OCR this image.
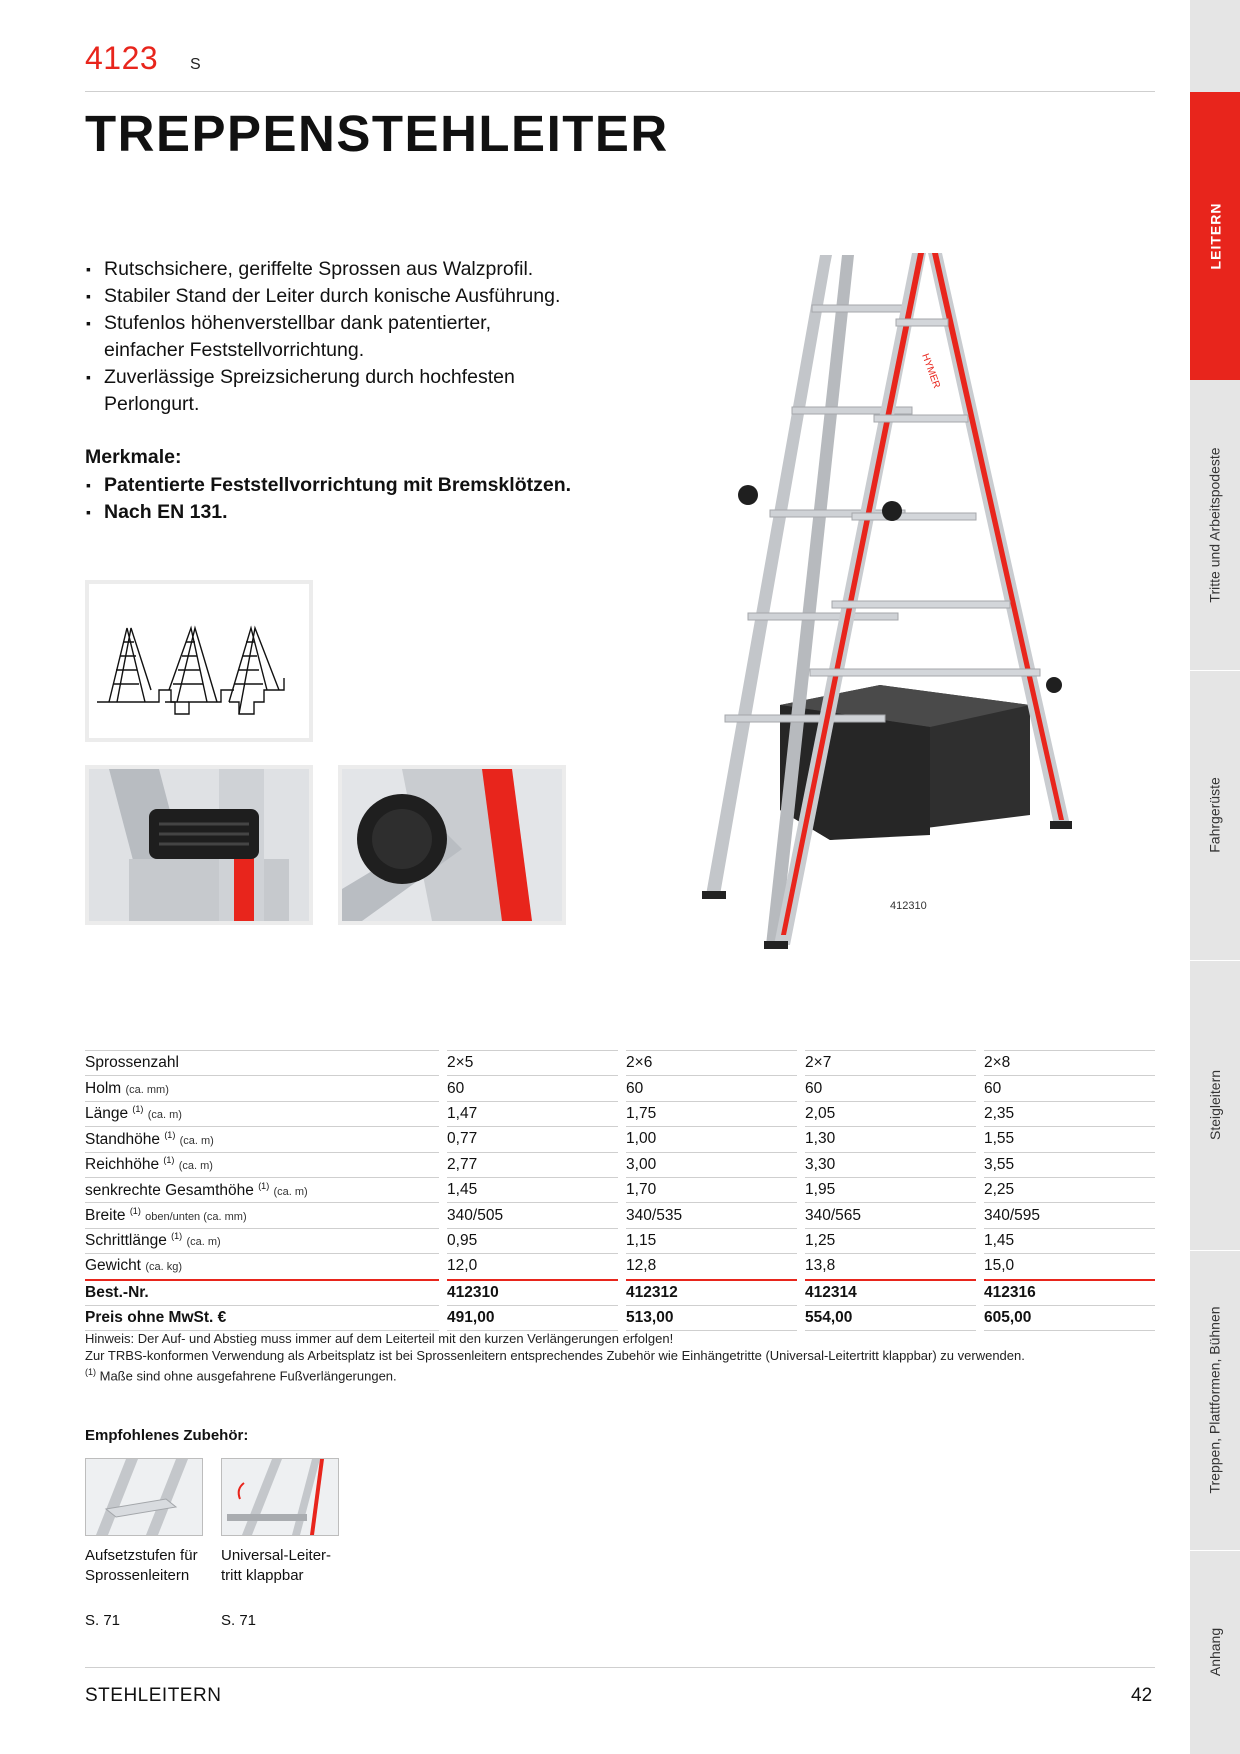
4123 S
TREPPENSTEHLEITER
▪ Rutschsichere, geriffelte Sprossen aus Walzprofil.
▪ Stabiler Stand der Leiter durch konische Ausführung.
▪ Stufenlos höhenverstellbar dank patentierter, einfacher Feststellvorrichtung.
▪ Zuverlässige Spreizsicherung durch hochfesten Perlongurt.
Merkmale:
▪ Patentierte Feststellvorrichtung mit Bremsklötzen.
▪ Nach EN 131.
HYMER
412310
LEITERN
Tritte und Arbeitspodeste
Fahrgerüste
Steigleitern
Treppen, Plattformen, Bühnen
Anhang
Sprossenzahl		2×5		2×6		2×7		2×8
Holm (ca. mm)		60		60		60		60
Länge $^{(1)}$ (ca. m)		1,47		1,75		2,05		2,35
Standhöhe $^{(1)}$ (ca. m)		0,77		1,00		1,30		1,55
Reichhöhe $^{(1)}$ (ca. m)		2,77		3,00		3,30		3,55
senkrechte Gesamthöhe $^{(1)}$ (ca. m)		1,45		1,70		1,95		2,25
Breite $^{(1)}$ oben/unten (ca. mm)		340/505		340/535		340/565		340/595
Schrittlänge $^{(1)}$ (ca. m)		0,95		1,15		1,25		1,45
Gewicht (ca. kg)		12,0		12,8		13,8		15,0
Best.-Nr.		412310		412312		412314		412316
Preis ohne MwSt. €		491,00		513,00		554,00		605,00
Hinweis: Der Auf- und Abstieg muss immer auf dem Leiterteil mit den kurzen Verlängerungen erfolgen!
Zur TRBS-konformen Verwendung als Arbeitsplatz ist bei Sprossenleitern entsprechendes Zubehör wie Einhängetritte (Universal-Leitertritt klappbar) zu verwenden.
$^{(1)}$ Maße sind ohne ausgefahrene Fußverlängerungen.
Empfohlenes Zubehör:
Aufsetzstufen für Sprossenleitern
Universal-Leiter-tritt klappbar
S. 71	S. 71
STEHLEITERN	42
